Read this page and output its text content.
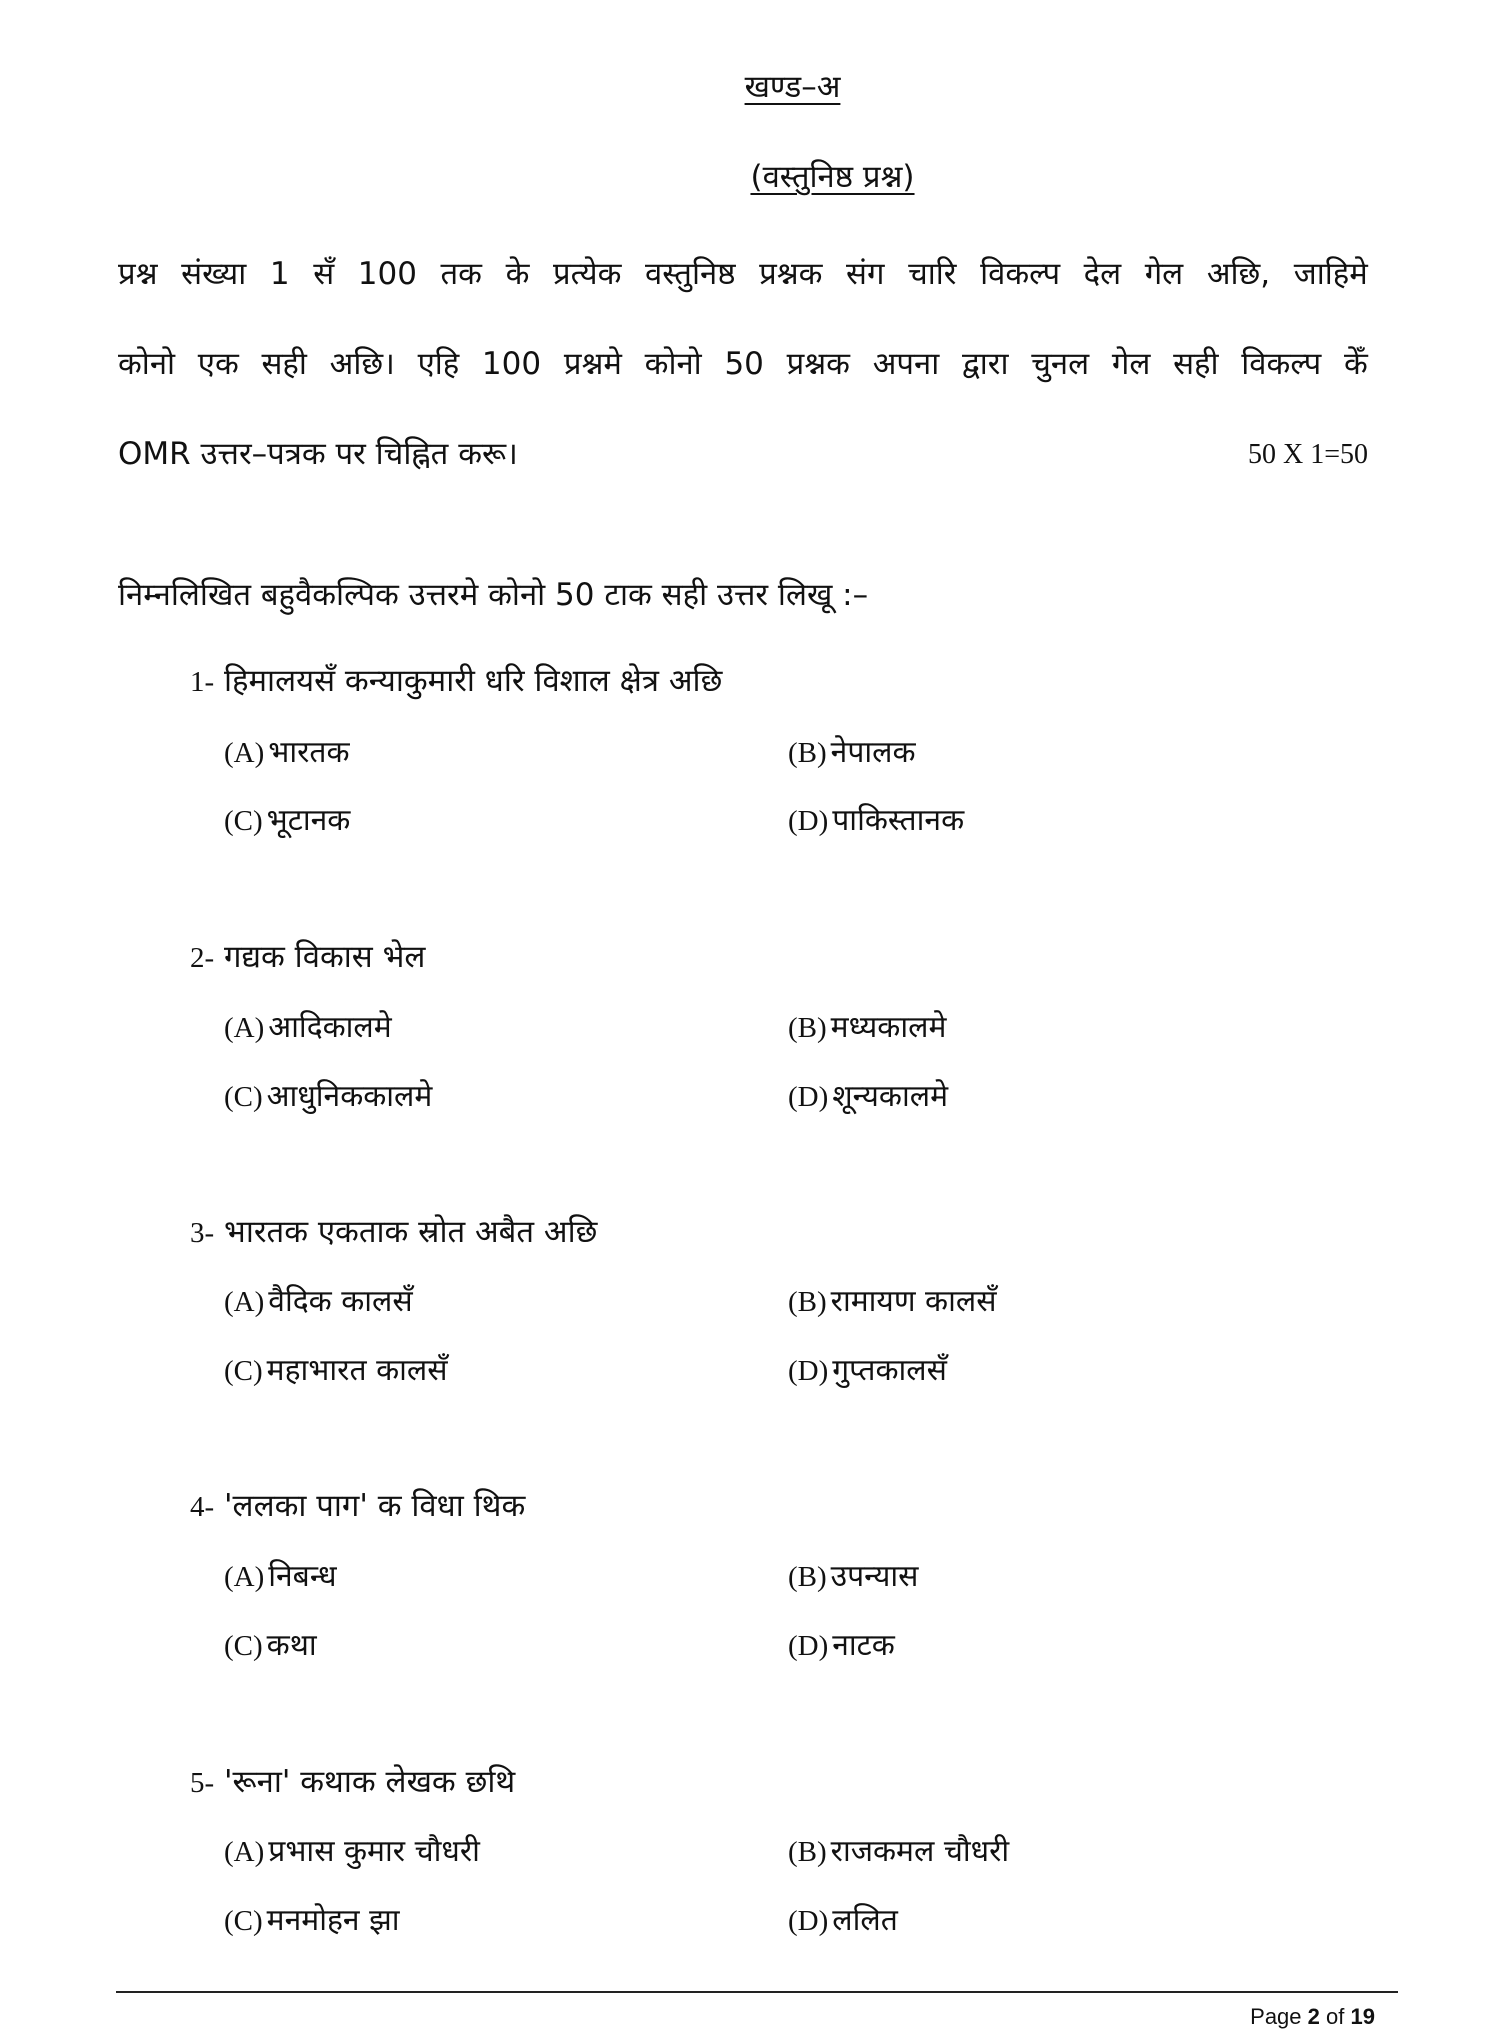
खण्ड–अ
(वस्तुनिष्ठ प्रश्न)
प्रश्न संख्या 1 सँ 100 तक के प्रत्येक वस्तुनिष्ठ प्रश्नक संग चारि विकल्प देल गेल अछि, जाहिमे
कोनो एक सही अछि। एहि 100 प्रश्नमे कोनो 50 प्रश्नक अपना द्वारा चुनल गेल सही विकल्प केँ
OMR उत्तर–पत्रक पर चिह्नित करू।	50 X 1=50
निम्नलिखित बहुवैकल्पिक उत्तरमे कोनो 50 टाक सही उत्तर लिखू :–
1- हिमालयसँ कन्याकुमारी धरि विशाल क्षेत्र अछि
(A) भारतक	(B) नेपालक
(C) भूटानक	(D) पाकिस्तानक
2- गद्यक विकास भेल
(A) आदिकालमे	(B) मध्यकालमे
(C) आधुनिककालमे	(D) शून्यकालमे
3- भारतक एकताक स्रोत अबैत अछि
(A) वैदिक कालसँ	(B) रामायण कालसँ
(C) महाभारत कालसँ	(D) गुप्तकालसँ
4- 'ललका पाग' क विधा थिक
(A) निबन्ध	(B) उपन्यास
(C) कथा	(D) नाटक
5- 'रूना' कथाक लेखक छथि
(A) प्रभास कुमार चौधरी	(B) राजकमल चौधरी
(C) मनमोहन झा	(D) ललित
Page 2 of 19
